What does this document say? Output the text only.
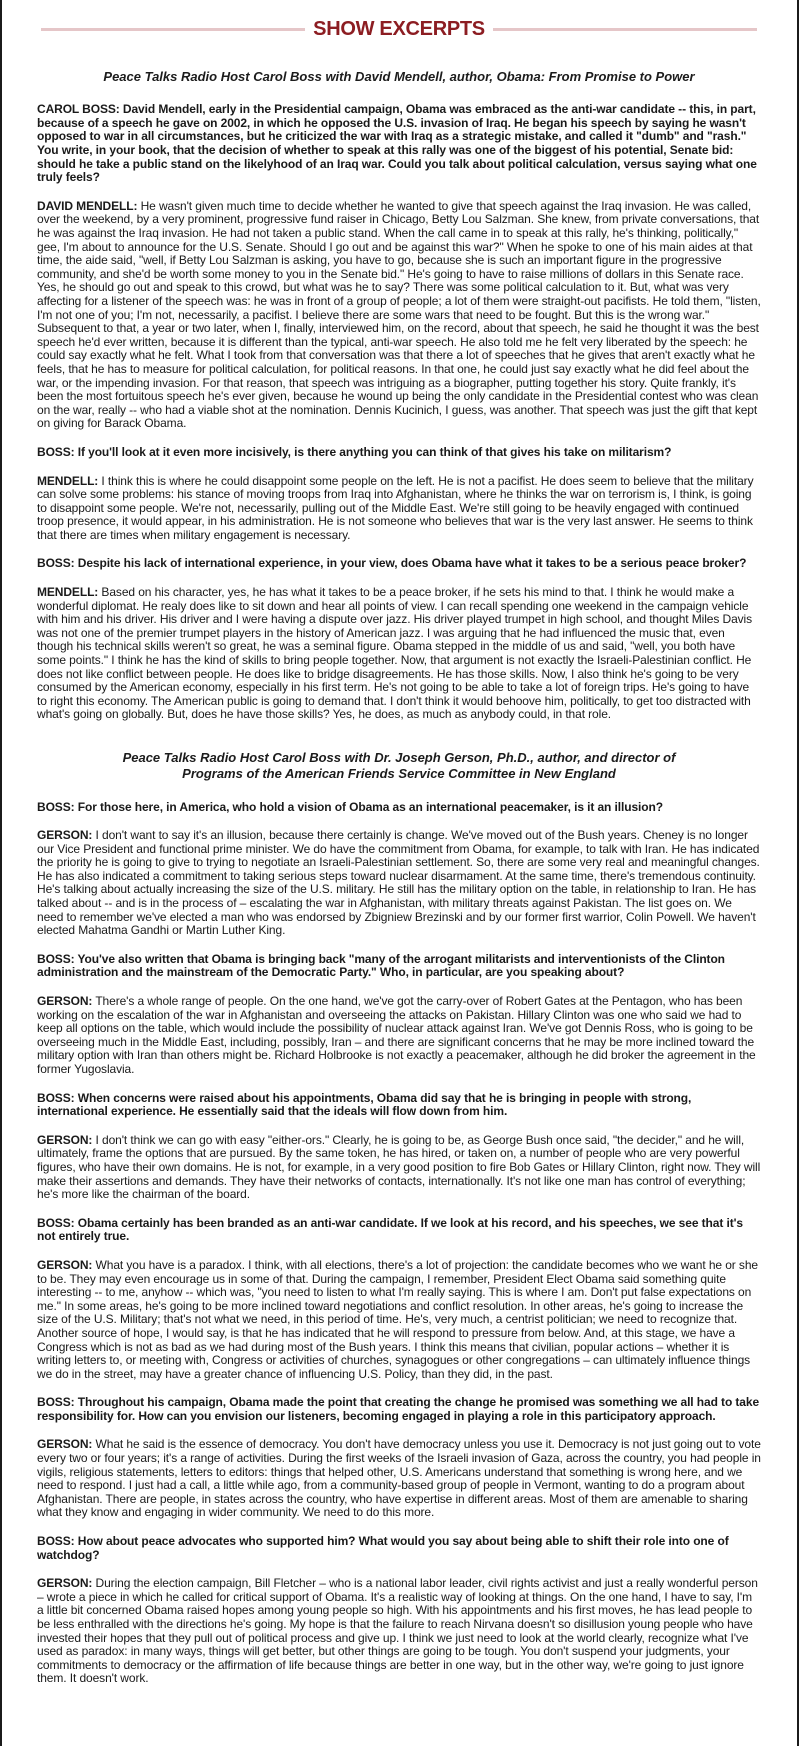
SHOW EXCERPTS
Peace Talks Radio Host Carol Boss with David Mendell, author, Obama: From Promise to Power

CAROL BOSS: David Mendell, early in the Presidential campaign, Obama was embraced as the anti-war candidate -- this, in part, because of a speech he gave on 2002, in which he opposed the U.S. invasion of Iraq. He began his speech by saying he wasn't opposed to war in all circumstances, but he criticized the war with Iraq as a strategic mistake, and called it "dumb" and "rash." You write, in your book, that the decision of whether to speak at this rally was one of the biggest of his potential, Senate bid: should he take a public stand on the likelyhood of an Iraq war. Could you talk about political calculation, versus saying what one truly feels?

DAVID MENDELL: He wasn't given much time to decide whether he wanted to give that speech against the Iraq invasion. He was called, over the weekend, by a very prominent, progressive fund raiser in Chicago, Betty Lou Salzman. She knew, from private conversations, that he was against the Iraq invasion. He had not taken a public stand. When the call came in to speak at this rally, he's thinking, politically," gee, I'm about to announce for the U.S. Senate. Should I go out and be against this war?" When he spoke to one of his main aides at that time, the aide said, "well, if Betty Lou Salzman is asking, you have to go, because she is such an important figure in the progressive community, and she'd be worth some money to you in the Senate bid." He's going to have to raise millions of dollars in this Senate race. Yes, he should go out and speak to this crowd, but what was he to say? There was some political calculation to it. But, what was very affecting for a listener of the speech was: he was in front of a group of people; a lot of them were straight-out pacifists. He told them, "listen, I'm not one of you; I'm not, necessarily, a pacifist. I believe there are some wars that need to be fought. But this is the wrong war." Subsequent to that, a year or two later, when I, finally, interviewed him, on the record, about that speech, he said he thought it was the best speech he'd ever written, because it is different than the typical, anti-war speech. He also told me he felt very liberated by the speech: he could say exactly what he felt. What I took from that conversation was that there a lot of speeches that he gives that aren't exactly what he feels, that he has to measure for political calculation, for political reasons. In that one, he could just say exactly what he did feel about the war, or the impending invasion. For that reason, that speech was intriguing as a biographer, putting together his story. Quite frankly, it's been the most fortuitous speech he's ever given, because he wound up being the only candidate in the Presidential contest who was clean on the war, really -- who had a viable shot at the nomination. Dennis Kucinich, I guess, was another. That speech was just the gift that kept on giving for Barack Obama.

BOSS: If you'll look at it even more incisively, is there anything you can think of that gives his take on militarism?

MENDELL: I think this is where he could disappoint some people on the left. He is not a pacifist. He does seem to believe that the military can solve some problems: his stance of moving troops from Iraq into Afghanistan, where he thinks the war on terrorism is, I think, is going to disappoint some people. We're not, necessarily, pulling out of the Middle East. We're still going to be heavily engaged with continued troop presence, it would appear, in his administration. He is not someone who believes that war is the very last answer. He seems to think that there are times when military engagement is necessary.

BOSS: Despite his lack of international experience, in your view, does Obama have what it takes to be a serious peace broker?

MENDELL: Based on his character, yes, he has what it takes to be a peace broker, if he sets his mind to that. I think he would make a wonderful diplomat. He realy does like to sit down and hear all points of view. I can recall spending one weekend in the campaign vehicle with him and his driver. His driver and I were having a dispute over jazz. His driver played trumpet in high school, and thought Miles Davis was not one of the premier trumpet players in the history of American jazz. I was arguing that he had influenced the music that, even though his technical skills weren't so great, he was a seminal figure. Obama stepped in the middle of us and said, "well, you both have some points." I think he has the kind of skills to bring people together. Now, that argument is not exactly the Israeli-Palestinian conflict. He does not like conflict between people. He does like to bridge disagreements. He has those skills. Now, I also think he's going to be very consumed by the American economy, especially in his first term. He's not going to be able to take a lot of foreign trips. He's going to have to right this economy. The American public is going to demand that. I don't think it would behoove him, politically, to get too distracted with what's going on globally. But, does he have those skills? Yes, he does, as much as anybody could, in that role.

Peace Talks Radio Host Carol Boss with Dr. Joseph Gerson, Ph.D., author, and director of Programs of the American Friends Service Committee in New England

BOSS: For those here, in America, who hold a vision of Obama as an international peacemaker, is it an illusion?

GERSON: I don't want to say it's an illusion, because there certainly is change. We've moved out of the Bush years. Cheney is no longer our Vice President and functional prime minister. We do have the commitment from Obama, for example, to talk with Iran. He has indicated the priority he is going to give to trying to negotiate an Israeli-Palestinian settlement. So, there are some very real and meaningful changes. He has also indicated a commitment to taking serious steps toward nuclear disarmament. At the same time, there's tremendous continuity. He's talking about actually increasing the size of the U.S. military. He still has the military option on the table, in relationship to Iran. He has talked about -- and is in the process of – escalating the war in Afghanistan, with military threats against Pakistan. The list goes on. We need to remember we've elected a man who was endorsed by Zbigniew Brezinski and by our former first warrior, Colin Powell. We haven't elected Mahatma Gandhi or Martin Luther King.

BOSS: You've also written that Obama is bringing back "many of the arrogant militarists and interventionists of the Clinton administration and the mainstream of the Democratic Party." Who, in particular, are you speaking about?

GERSON: There's a whole range of people. On the one hand, we've got the carry-over of Robert Gates at the Pentagon, who has been working on the escalation of the war in Afghanistan and overseeing the attacks on Pakistan. Hillary Clinton was one who said we had to keep all options on the table, which would include the possibility of nuclear attack against Iran. We've got Dennis Ross, who is going to be overseeing much in the Middle East, including, possibly, Iran – and there are significant concerns that he may be more inclined toward the military option with Iran than others might be. Richard Holbrooke is not exactly a peacemaker, although he did broker the agreement in the former Yugoslavia.

BOSS: When concerns were raised about his appointments, Obama did say that he is bringing in people with strong, international experience. He essentially said that the ideals will flow down from him.

GERSON: I don't think we can go with easy "either-ors." Clearly, he is going to be, as George Bush once said, "the decider," and he will, ultimately, frame the options that are pursued. By the same token, he has hired, or taken on, a number of people who are very powerful figures, who have their own domains. He is not, for example, in a very good position to fire Bob Gates or Hillary Clinton, right now. They will make their assertions and demands. They have their networks of contacts, internationally. It's not like one man has control of everything; he's more like the chairman of the board.

BOSS: Obama certainly has been branded as an anti-war candidate. If we look at his record, and his speeches, we see that it's not entirely true.

GERSON: What you have is a paradox. I think, with all elections, there's a lot of projection: the candidate becomes who we want he or she to be. They may even encourage us in some of that. During the campaign, I remember, President Elect Obama said something quite interesting -- to me, anyhow -- which was, "you need to listen to what I'm really saying. This is where I am. Don't put false expectations on me." In some areas, he's going to be more inclined toward negotiations and conflict resolution. In other areas, he's going to increase the size of the U.S. Military; that's not what we need, in this period of time. He's, very much, a centrist politician; we need to recognize that. Another source of hope, I would say, is that he has indicated that he will respond to pressure from below. And, at this stage, we have a Congress which is not as bad as we had during most of the Bush years. I think this means that civilian, popular actions – whether it is writing letters to, or meeting with, Congress or activities of churches, synagogues or other congregations – can ultimately influence things we do in the street, may have a greater chance of influencing U.S. Policy, than they did, in the past.

BOSS: Throughout his campaign, Obama made the point that creating the change he promised was something we all had to take responsibility for. How can you envision our listeners, becoming engaged in playing a role in this participatory approach.

GERSON: What he said is the essence of democracy. You don't have democracy unless you use it. Democracy is not just going out to vote every two or four years; it's a range of activities. During the first weeks of the Israeli invasion of Gaza, across the country, you had people in vigils, religious statements, letters to editors: things that helped other, U.S. Americans understand that something is wrong here, and we need to respond. I just had a call, a little while ago, from a community-based group of people in Vermont, wanting to do a program about Afghanistan. There are people, in states across the country, who have expertise in different areas. Most of them are amenable to sharing what they know and engaging in wider community. We need to do this more.

BOSS: How about peace advocates who supported him? What would you say about being able to shift their role into one of watchdog?

GERSON: During the election campaign, Bill Fletcher – who is a national labor leader, civil rights activist and just a really wonderful person – wrote a piece in which he called for critical support of Obama. It's a realistic way of looking at things. On the one hand, I have to say, I'm a little bit concerned Obama raised hopes among young people so high. With his appointments and his first moves, he has lead people to be less enthralled with the directions he's going. My hope is that the failure to reach Nirvana doesn't so disillusion young people who have invested their hopes that they pull out of political process and give up. I think we just need to look at the world clearly, recognize what I've used as paradox: in many ways, things will get better, but other things are going to be tough. You don't suspend your judgments, your commitments to democracy or the affirmation of life because things are better in one way, but in the other way, we're going to just ignore them. It doesn't work.
